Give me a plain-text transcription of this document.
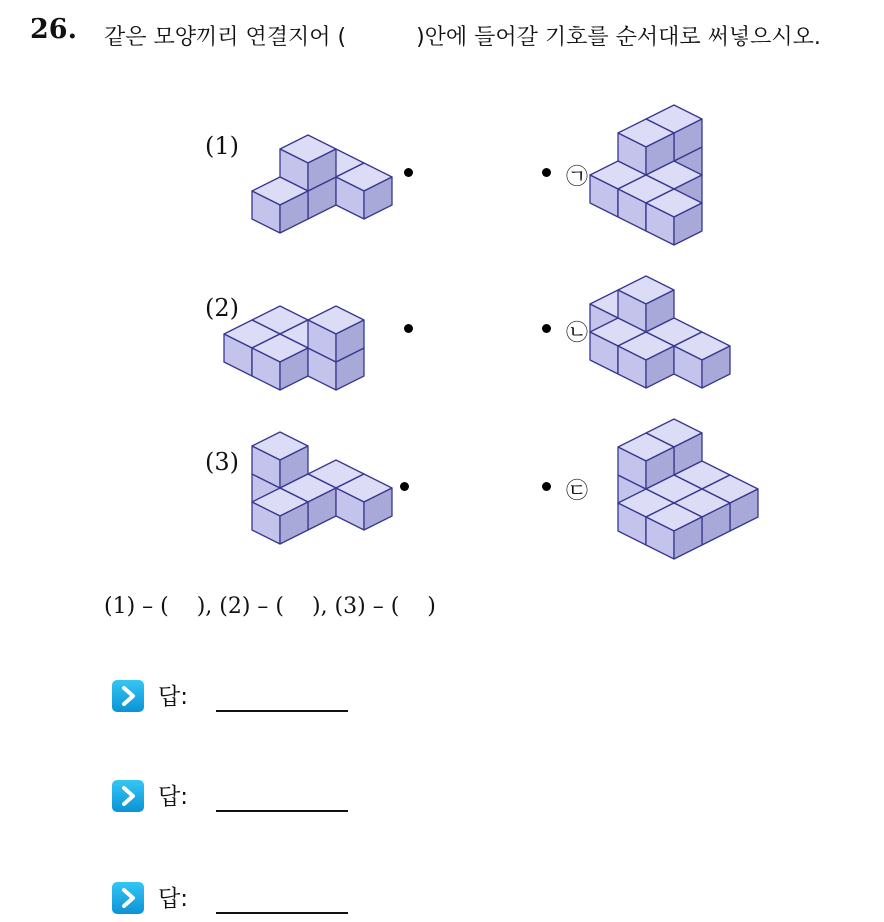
26. 같은 모양끼리 연결지어 (	)안에 들어갈 기호를 순서대로 써넣으시오.
(1)
(2)
(3)
㉠
㉡
㉢
(1) – (    ), (2) – (    ), (3) – (    )
답:
답:
답:
